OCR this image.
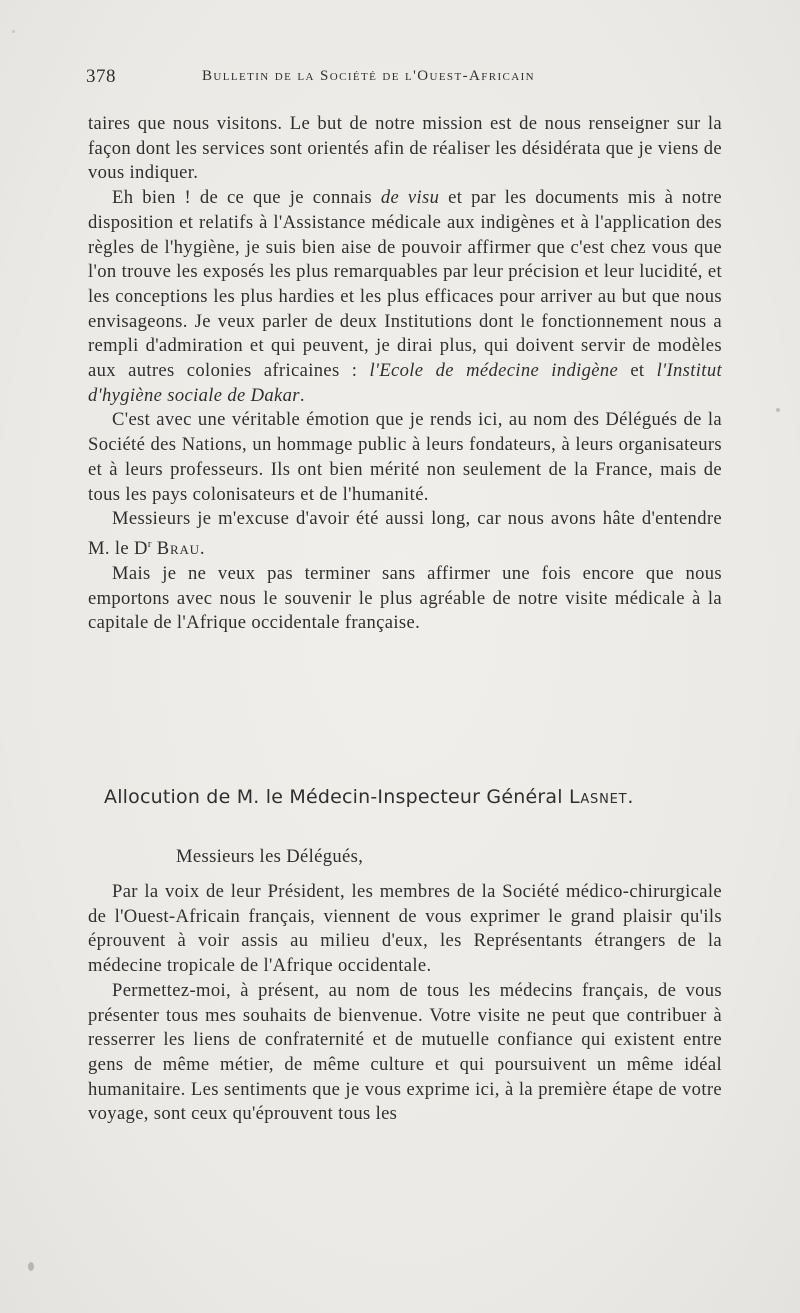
378	Bulletin de la Société de l'Ouest-Africain

taires que nous visitons. Le but de notre mission est de nous renseigner sur la façon dont les services sont orientés afin de réaliser les désidérata que je viens de vous indiquer.

Eh bien ! de ce que je connais de visu et par les documents mis à notre disposition et relatifs à l'Assistance médicale aux indigènes et à l'application des règles de l'hygiène, je suis bien aise de pouvoir affirmer que c'est chez vous que l'on trouve les exposés les plus remarquables par leur précision et leur lucidité, et les conceptions les plus hardies et les plus efficaces pour arriver au but que nous envisageons. Je veux parler de deux Institutions dont le fonctionnement nous a rempli d'admiration et qui peuvent, je dirai plus, qui doivent servir de modèles aux autres colonies africaines : l'Ecole de médecine indigène et l'Institut d'hygiène sociale de Dakar.

C'est avec une véritable émotion que je rends ici, au nom des Délégués de la Société des Nations, un hommage public à leurs fondateurs, à leurs organisateurs et à leurs professeurs. Ils ont bien mérité non seulement de la France, mais de tous les pays colonisateurs et de l'humanité.

Messieurs je m'excuse d'avoir été aussi long, car nous avons hâte d'entendre M. le $D^r$ Brau.

Mais je ne veux pas terminer sans affirmer une fois encore que nous emportons avec nous le souvenir le plus agréable de notre visite médicale à la capitale de l'Afrique occidentale française.

Allocution de M. le Médecin-Inspecteur Général Lasnet.
Messieurs les Délégués,

Par la voix de leur Président, les membres de la Société médico-chirurgicale de l'Ouest-Africain français, viennent de vous exprimer le grand plaisir qu'ils éprouvent à voir assis au milieu d'eux, les Représentants étrangers de la médecine tropicale de l'Afrique occidentale.

Permettez-moi, à présent, au nom de tous les médecins français, de vous présenter tous mes souhaits de bienvenue. Votre visite ne peut que contribuer à resserrer les liens de confraternité et de mutuelle confiance qui existent entre gens de même métier, de même culture et qui poursuivent un même idéal humanitaire. Les sentiments que je vous exprime ici, à la première étape de votre voyage, sont ceux qu'éprouvent tous les
